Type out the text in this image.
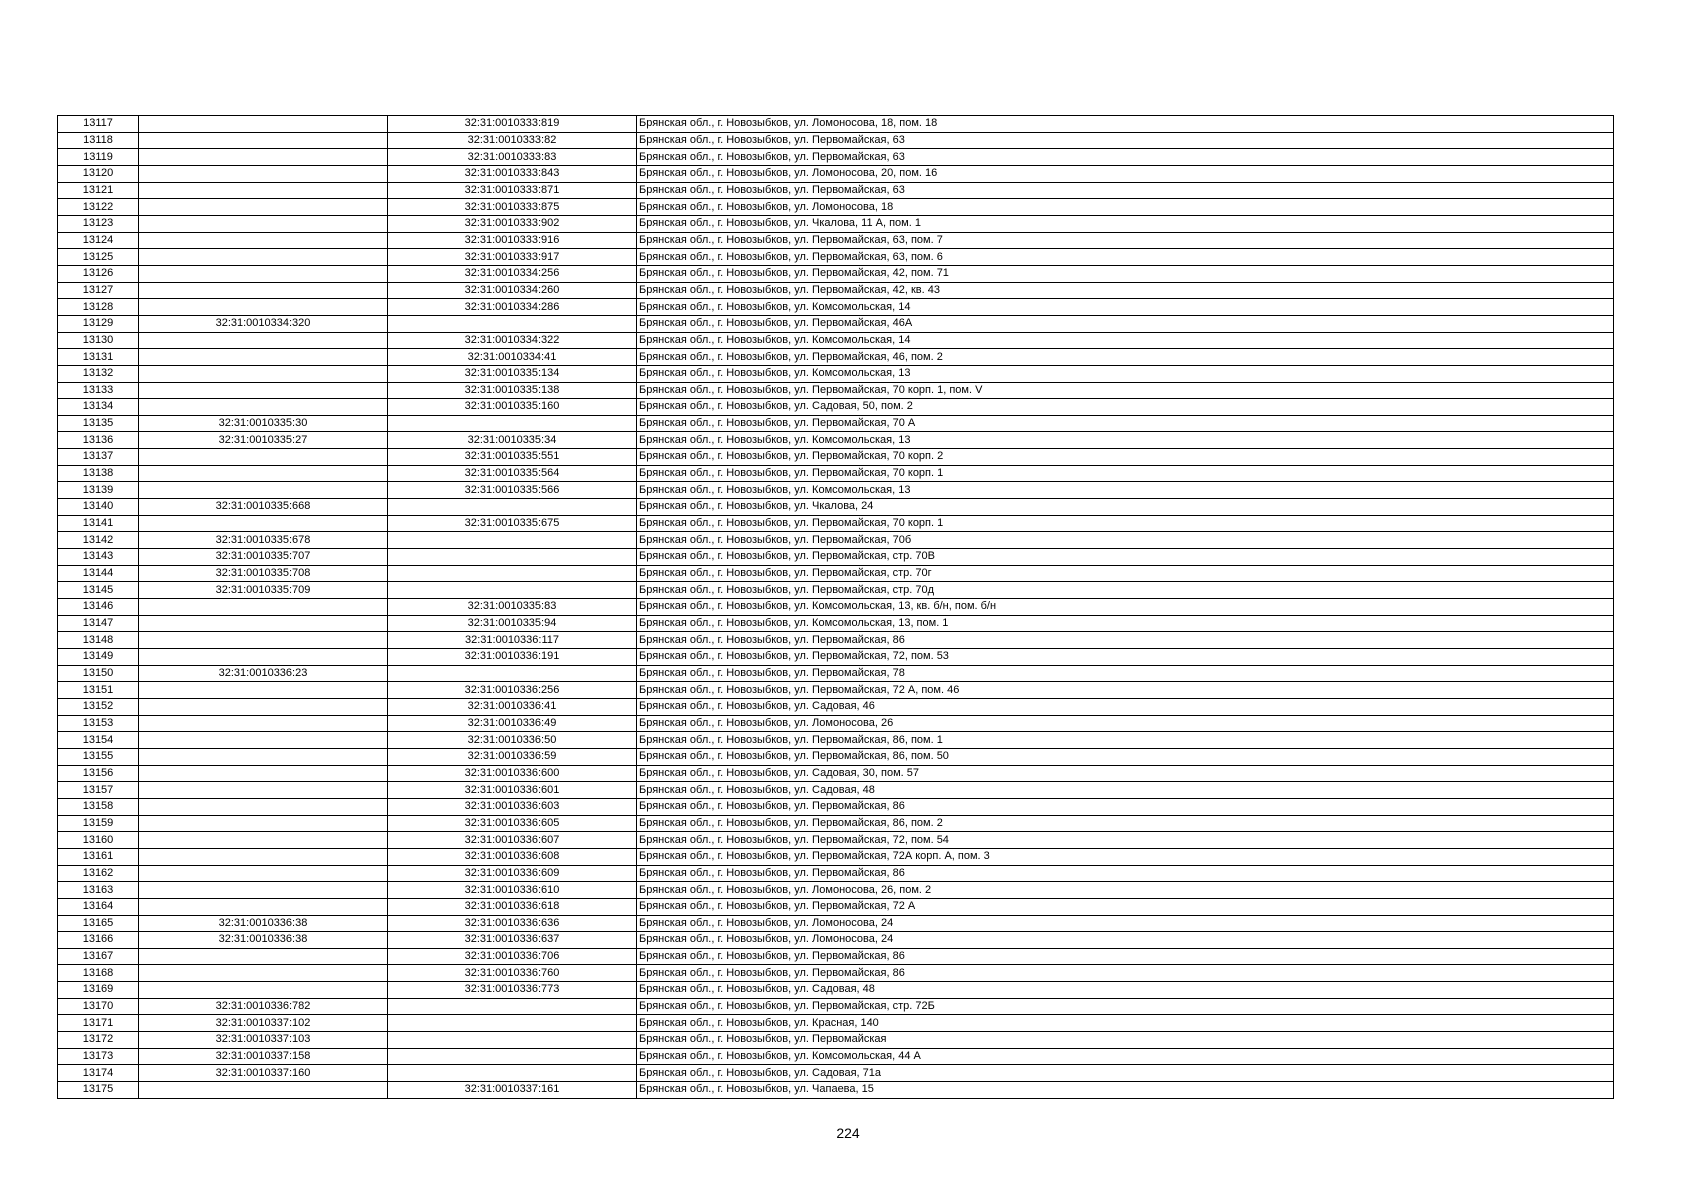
13117		32:31:0010333:819	Брянская обл., г. Новозыбков, ул. Ломоносова, 18, пом. 18
13118		32:31:0010333:82	Брянская обл., г. Новозыбков, ул. Первомайская, 63
13119		32:31:0010333:83	Брянская обл., г. Новозыбков, ул. Первомайская, 63
13120		32:31:0010333:843	Брянская обл., г. Новозыбков, ул. Ломоносова, 20, пом. 16
13121		32:31:0010333:871	Брянская обл., г. Новозыбков, ул. Первомайская, 63
13122		32:31:0010333:875	Брянская обл., г. Новозыбков, ул. Ломоносова, 18
13123		32:31:0010333:902	Брянская обл., г. Новозыбков, ул. Чкалова, 11 А, пом. 1
13124		32:31:0010333:916	Брянская обл., г. Новозыбков, ул. Первомайская, 63, пом. 7
13125		32:31:0010333:917	Брянская обл., г. Новозыбков, ул. Первомайская, 63, пом. 6
13126		32:31:0010334:256	Брянская обл., г. Новозыбков, ул. Первомайская, 42, пом. 71
13127		32:31:0010334:260	Брянская обл., г. Новозыбков, ул. Первомайская, 42, кв. 43
13128		32:31:0010334:286	Брянская обл., г. Новозыбков, ул. Комсомольская, 14
13129	32:31:0010334:320		Брянская обл., г. Новозыбков, ул. Первомайская, 46А
13130		32:31:0010334:322	Брянская обл., г. Новозыбков, ул. Комсомольская, 14
13131		32:31:0010334:41	Брянская обл., г. Новозыбков, ул. Первомайская, 46, пом. 2
13132		32:31:0010335:134	Брянская обл., г. Новозыбков, ул. Комсомольская, 13
13133		32:31:0010335:138	Брянская обл., г. Новозыбков, ул. Первомайская, 70 корп. 1, пом. V
13134		32:31:0010335:160	Брянская обл., г. Новозыбков, ул. Садовая, 50, пом. 2
13135	32:31:0010335:30		Брянская обл., г. Новозыбков, ул. Первомайская, 70 А
13136	32:31:0010335:27	32:31:0010335:34	Брянская обл., г. Новозыбков, ул. Комсомольская, 13
13137		32:31:0010335:551	Брянская обл., г. Новозыбков, ул. Первомайская, 70 корп. 2
13138		32:31:0010335:564	Брянская обл., г. Новозыбков, ул. Первомайская, 70 корп. 1
13139		32:31:0010335:566	Брянская обл., г. Новозыбков, ул. Комсомольская, 13
13140	32:31:0010335:668		Брянская обл., г. Новозыбков, ул. Чкалова, 24
13141		32:31:0010335:675	Брянская обл., г. Новозыбков, ул. Первомайская, 70 корп. 1
13142	32:31:0010335:678		Брянская обл., г. Новозыбков, ул. Первомайская, 70б
13143	32:31:0010335:707		Брянская обл., г. Новозыбков, ул. Первомайская, стр. 70В
13144	32:31:0010335:708		Брянская обл., г. Новозыбков, ул. Первомайская, стр. 70г
13145	32:31:0010335:709		Брянская обл., г. Новозыбков, ул. Первомайская, стр. 70д
13146		32:31:0010335:83	Брянская обл., г. Новозыбков, ул. Комсомольская, 13, кв. б/н, пом. б/н
13147		32:31:0010335:94	Брянская обл., г. Новозыбков, ул. Комсомольская, 13, пом. 1
13148		32:31:0010336:117	Брянская обл., г. Новозыбков, ул. Первомайская, 86
13149		32:31:0010336:191	Брянская обл., г. Новозыбков, ул. Первомайская, 72, пом. 53
13150	32:31:0010336:23		Брянская обл., г. Новозыбков, ул. Первомайская, 78
13151		32:31:0010336:256	Брянская обл., г. Новозыбков, ул. Первомайская, 72 А, пом. 46
13152		32:31:0010336:41	Брянская обл., г. Новозыбков, ул. Садовая, 46
13153		32:31:0010336:49	Брянская обл., г. Новозыбков, ул. Ломоносова, 26
13154		32:31:0010336:50	Брянская обл., г. Новозыбков, ул. Первомайская, 86, пом. 1
13155		32:31:0010336:59	Брянская обл., г. Новозыбков, ул. Первомайская, 86, пом. 50
13156		32:31:0010336:600	Брянская обл., г. Новозыбков, ул. Садовая, 30, пом. 57
13157		32:31:0010336:601	Брянская обл., г. Новозыбков, ул. Садовая, 48
13158		32:31:0010336:603	Брянская обл., г. Новозыбков, ул. Первомайская, 86
13159		32:31:0010336:605	Брянская обл., г. Новозыбков, ул. Первомайская, 86, пом. 2
13160		32:31:0010336:607	Брянская обл., г. Новозыбков, ул. Первомайская, 72, пом. 54
13161		32:31:0010336:608	Брянская обл., г. Новозыбков, ул. Первомайская, 72А корп. А, пом. 3
13162		32:31:0010336:609	Брянская обл., г. Новозыбков, ул. Первомайская, 86
13163		32:31:0010336:610	Брянская обл., г. Новозыбков, ул. Ломоносова, 26, пом. 2
13164		32:31:0010336:618	Брянская обл., г. Новозыбков, ул. Первомайская, 72 А
13165	32:31:0010336:38	32:31:0010336:636	Брянская обл., г. Новозыбков, ул. Ломоносова, 24
13166	32:31:0010336:38	32:31:0010336:637	Брянская обл., г. Новозыбков, ул. Ломоносова, 24
13167		32:31:0010336:706	Брянская обл., г. Новозыбков, ул. Первомайская, 86
13168		32:31:0010336:760	Брянская обл., г. Новозыбков, ул. Первомайская, 86
13169		32:31:0010336:773	Брянская обл., г. Новозыбков, ул. Садовая, 48
13170	32:31:0010336:782		Брянская обл., г. Новозыбков, ул. Первомайская, стр. 72Б
13171	32:31:0010337:102		Брянская обл., г. Новозыбков, ул. Красная, 140
13172	32:31:0010337:103		Брянская обл., г. Новозыбков, ул. Первомайская
13173	32:31:0010337:158		Брянская обл., г. Новозыбков, ул. Комсомольская, 44 А
13174	32:31:0010337:160		Брянская обл., г. Новозыбков, ул. Садовая, 71а
13175		32:31:0010337:161	Брянская обл., г. Новозыбков, ул. Чапаева, 15
224
